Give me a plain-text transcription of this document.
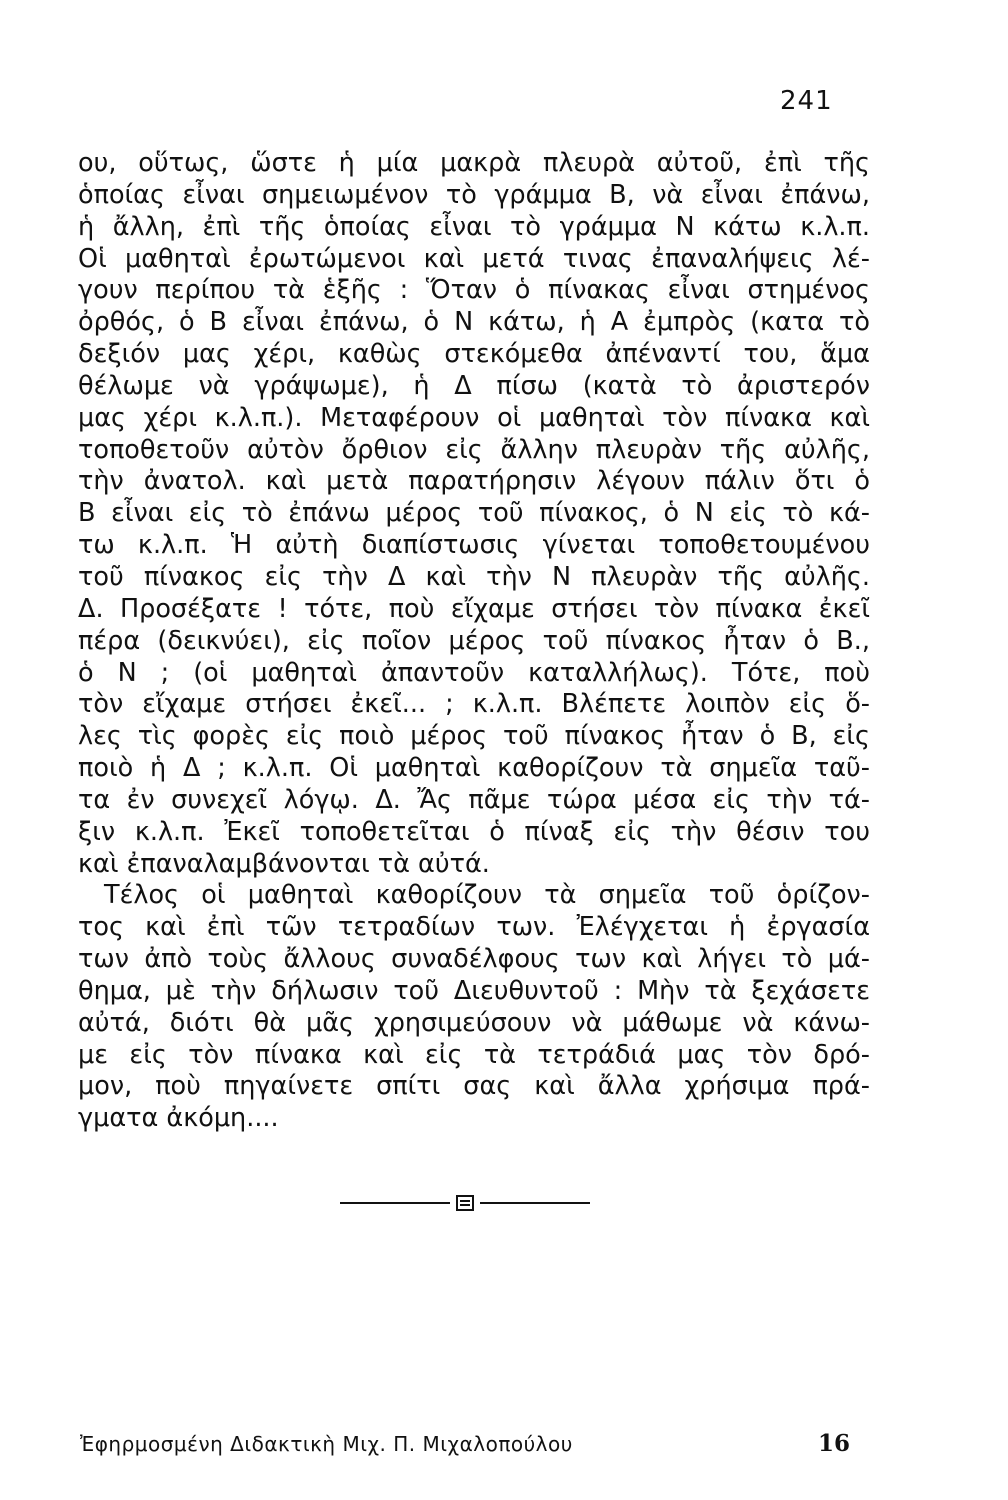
241
ου, οὕτως, ὥστε ἡ μία μακρὰ πλευρὰ αὐτοῦ, ἐπὶ τῆς
ὁποίας εἶναι σημειωμένον τὸ γράμμα Β, νὰ εἶναι ἐπάνω,
ἡ ἄλλη, ἐπὶ τῆς ὁποίας εἶναι τὸ γράμμα Ν κάτω κ.λ.π.
Οἱ μαθηταὶ ἐρωτώμενοι καὶ μετά τινας ἐπαναλήψεις λέ-
γουν περίπου τὰ ἑξῆς : Ὅταν ὁ πίνακας εἶναι στημένος
ὀρθός, ὁ Β εἶναι ἐπάνω, ὁ Ν κάτω, ἡ Α ἐμπρὸς (κατα τὸ
δεξιόν μας χέρι, καθὼς στεκόμεθα ἀπέναντί του, ἅμα
θέλωμε νὰ γράψωμε), ἡ Δ πίσω (κατὰ τὸ ἀριστερόν
μας χέρι κ.λ.π.). Μεταφέρουν οἱ μαθηταὶ τὸν πίνακα καὶ
τοποθετοῦν αὐτὸν ὄρθιον εἰς ἄλλην πλευρὰν τῆς αὐλῆς,
τὴν ἀνατολ. καὶ μετὰ παρατήρησιν λέγουν πάλιν ὅτι ὁ
Β εἶναι εἰς τὸ ἐπάνω μέρος τοῦ πίνακος, ὁ Ν εἰς τὸ κά-
τω κ.λ.π. Ἡ αὐτὴ διαπίστωσις γίνεται τοποθετουμένου
τοῦ πίνακος εἰς τὴν Δ καὶ τὴν Ν πλευρὰν τῆς αὐλῆς.
Δ. Προσέξατε ! τότε, ποὺ εἴχαμε στήσει τὸν πίνακα ἐκεῖ
πέρα (δεικνύει), εἰς ποῖον μέρος τοῦ πίνακος ἦταν ὁ Β.,
ὁ Ν ; (οἱ μαθηταὶ ἀπαντοῦν καταλλήλως). Τότε, ποὺ
τὸν εἴχαμε στήσει ἐκεῖ... ; κ.λ.π. Βλέπετε λοιπὸν εἰς ὅ-
λες τὶς φορὲς εἰς ποιὸ μέρος τοῦ πίνακος ἦταν ὁ Β, εἰς
ποιὸ ἡ Δ ; κ.λ.π. Οἱ μαθηταὶ καθορίζουν τὰ σημεῖα ταῦ-
τα ἐν συνεχεῖ λόγῳ. Δ. Ἄς πᾶμε τώρα μέσα εἰς τὴν τά-
ξιν κ.λ.π. Ἐκεῖ τοποθετεῖται ὁ πίναξ εἰς τὴν θέσιν του
καὶ ἐπαναλαμβάνονται τὰ αὐτά.
Τέλος οἱ μαθηταὶ καθορίζουν τὰ σημεῖα τοῦ ὁρίζον-
τος καὶ ἐπὶ τῶν τετραδίων των. Ἐλέγχεται ἡ ἐργασία
των ἀπὸ τοὺς ἄλλους συναδέλφους των καὶ λήγει τὸ μά-
θημα, μὲ τὴν δήλωσιν τοῦ Διευθυντοῦ : Μὴν τὰ ξεχάσετε
αὐτά, διότι θὰ μᾶς χρησιμεύσουν νὰ μάθωμε νὰ κάνω-
με εἰς τὸν πίνακα καὶ εἰς τὰ τετράδιά μας τὸν δρό-
μον, ποὺ πηγαίνετε σπίτι σας καὶ ἄλλα χρήσιμα πρά-
γματα ἀκόμη....
Ἐφηρμοσμένη Διδακτικὴ Μιχ. Π. Μιχαλοπούλου	16
